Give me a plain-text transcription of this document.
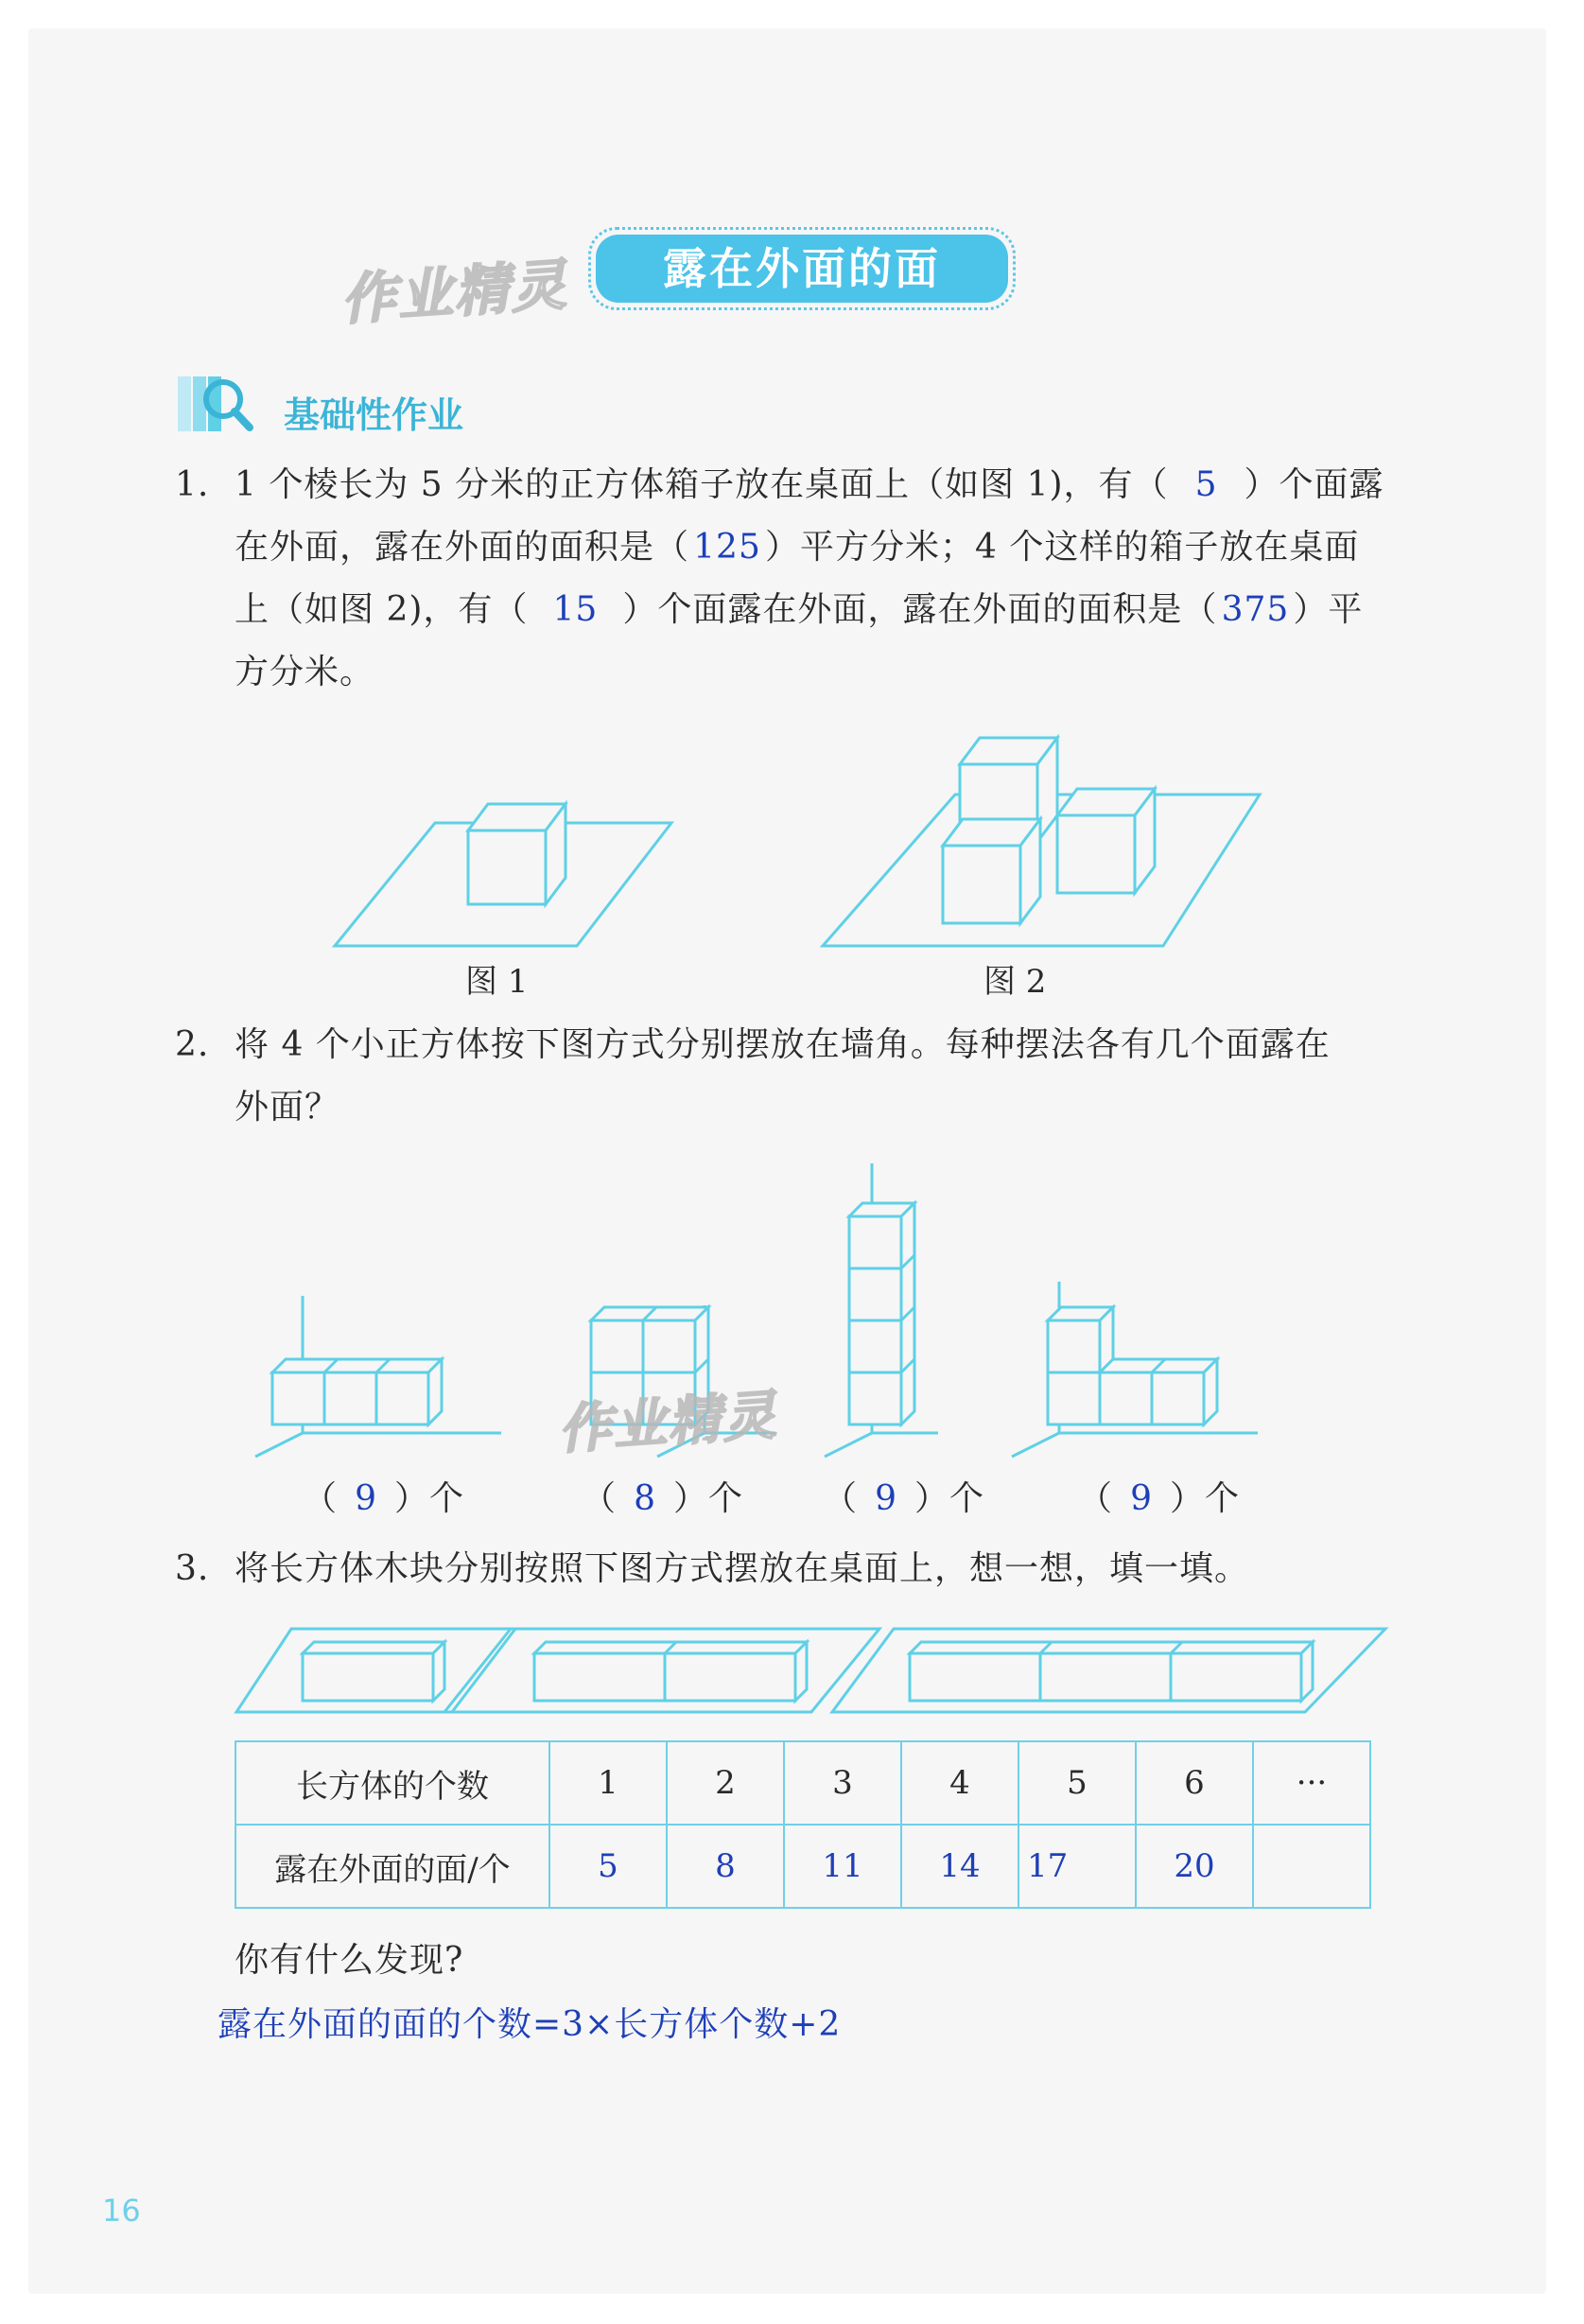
作业精灵	露在外面的面
基础性作业
1. 1 个棱长为 5 分米的正方体箱子放在桌面上（如图 1)，有（ 5 ）个面露
在外面，露在外面的面积是（ 125 ）平方分米；4 个这样的箱子放在桌面
上（如图 2)，有（ 15 ）个面露在外面，露在外面的面积是（ 375 ）平
方分米。
图 1	图 2
2. 将 4 个小正方体按下图方式分别摆放在墙角。每种摆法各有几个面露在
外面？
作业精灵
（ 9 ）个	（ 8 ）个 （ 9 ）个	（ 9 ）个
3. 将长方体木块分别按照下图方式摆放在桌面上，想一想，填一填。
长方体的个数	1	2	3	4	5	6	···
露在外面的面/个	5	8	11	14	17	20	
你有什么发现?
露在外面的面的个数=3×长方体个数+2
16
